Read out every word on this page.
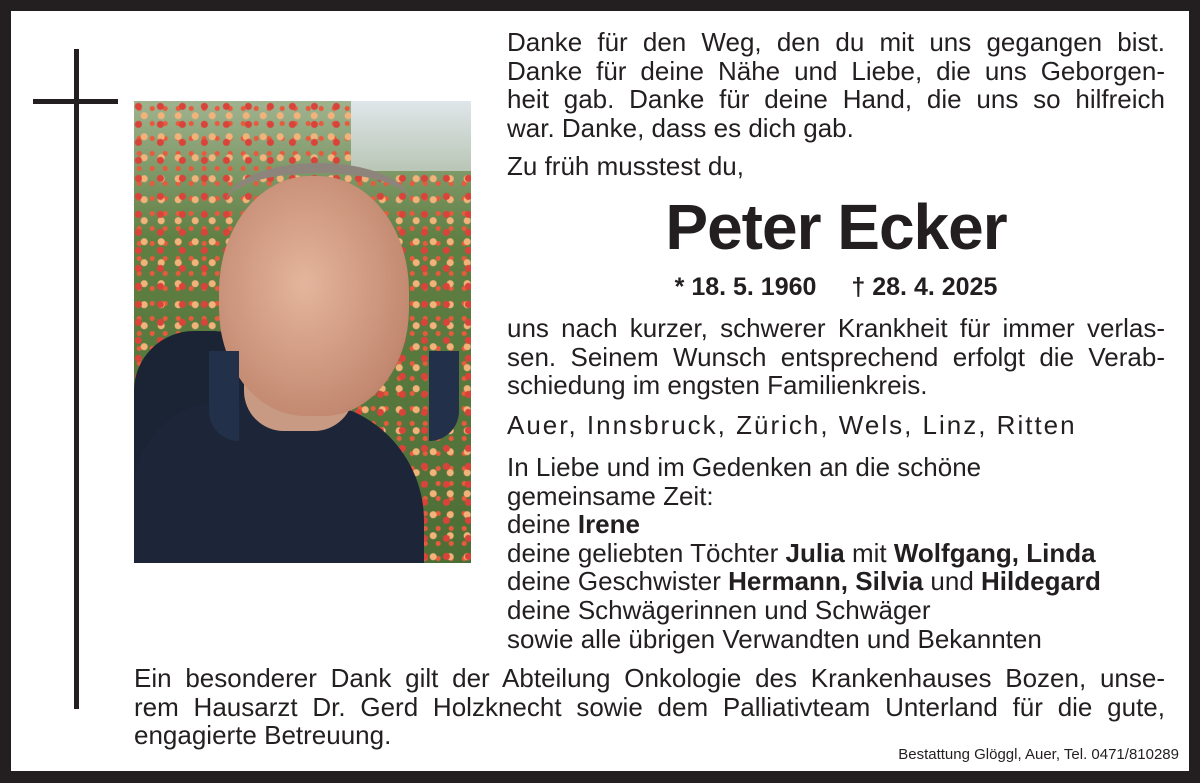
Danke für den Weg, den du mit uns gegangen bist.
Danke für deine Nähe und Liebe, die uns Geborgen-
heit gab. Danke für deine Hand, die uns so hilfreich
war. Danke, dass es dich gab.
Zu früh musstest du,
Peter Ecker
* 18. 5. 1960 † 28. 4. 2025
uns nach kurzer, schwerer Krankheit für immer verlas-
sen. Seinem Wunsch entsprechend erfolgt die Verab-
schiedung im engsten Familienkreis.
Auer, Innsbruck, Zürich, Wels, Linz, Ritten
In Liebe und im Gedenken an die schöne
gemeinsame Zeit:
deine Irene
deine geliebten Töchter Julia mit Wolfgang, Linda
deine Geschwister Hermann, Silvia und Hildegard
deine Schwägerinnen und Schwäger
sowie alle übrigen Verwandten und Bekannten
Ein besonderer Dank gilt der Abteilung Onkologie des Krankenhauses Bozen, unse-
rem Hausarzt Dr. Gerd Holzknecht sowie dem Palliativteam Unterland für die gute,
engagierte Betreuung.
Bestattung Glöggl, Auer, Tel. 0471/810289
